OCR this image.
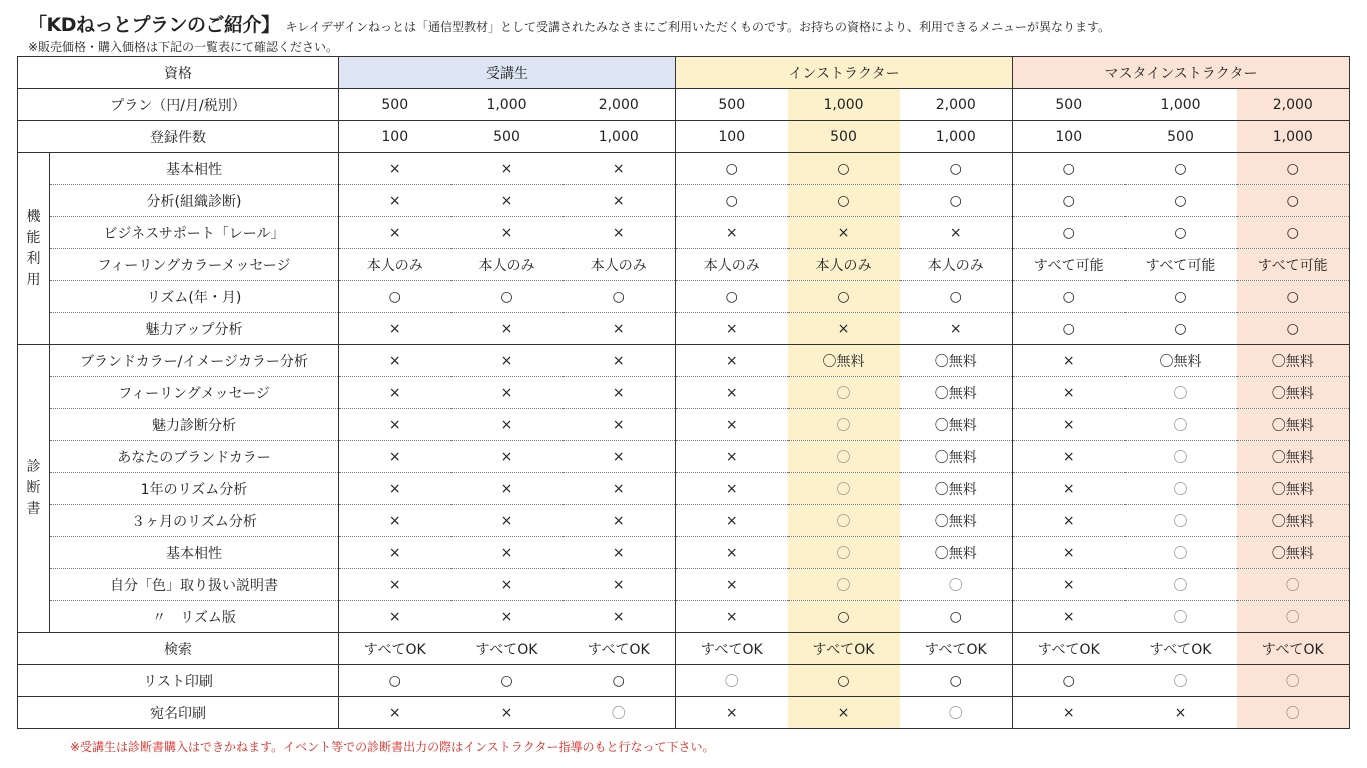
「KDねっとプランのご紹介】 キレイデザインねっとは「通信型教材」として受講されたみなさまにご利用いただくものです。お持ちの資格により、利用できるメニューが異なります。
※販売価格・購入価格は下記の一覧表にて確認ください。
資格		受講生			インストラクター			マスタインストラクター		
プラン（円/月/税別）		500	1,000	2,000	500	1,000	2,000	500	1,000	2,000
登録件数		100	500	1,000	100	500	1,000	100	500	1,000

機
能
利
用	基本相性	×	×	×	○	○	○	○	○	○
	分析(組織診断)	×	×	×	○	○	○	○	○	○
	ビジネスサポート「レール」	×	×	×	×	×	×	○	○	○
	フィーリングカラーメッセージ	本人のみ	本人のみ	本人のみ	本人のみ	本人のみ	本人のみ	すべて可能	すべて可能	すべて可能
	リズム(年・月)	○	○	○	○	○	○	○	○	○
	魅力アップ分析	×	×	×	×	×	×	○	○	○

診
断
書	ブランドカラー/イメージカラー分析	×	×	×	×	〇無料	〇無料	×	〇無料	〇無料
	フィーリングメッセージ	×	×	×	×	〇	〇無料	×	〇	〇無料
	魅力診断分析	×	×	×	×	〇	〇無料	×	〇	〇無料
	あなたのブランドカラー	×	×	×	×	〇	〇無料	×	〇	〇無料
	1年のリズム分析	×	×	×	×	〇	〇無料	×	〇	〇無料
	３ヶ月のリズム分析	×	×	×	×	〇	〇無料	×	〇	〇無料
	基本相性	×	×	×	×	〇	〇無料	×	〇	〇無料
	自分「色」取り扱い説明書	×	×	×	×	〇	〇	×	〇	〇
	〃　リズム版	×	×	×	×	○	○	×	〇	〇
検索		すべてOK	すべてOK	すべてOK	すべてOK	すべてOK	すべてOK	すべてOK	すべてOK	すべてOK
リスト印刷		○	○	○	〇	○	○	○	〇	〇
宛名印刷		×	×	〇	×	×	〇	×	×	〇
※受講生は診断書購入はできかねます。イベント等での診断書出力の際はインストラクター指導のもと行なって下さい。
